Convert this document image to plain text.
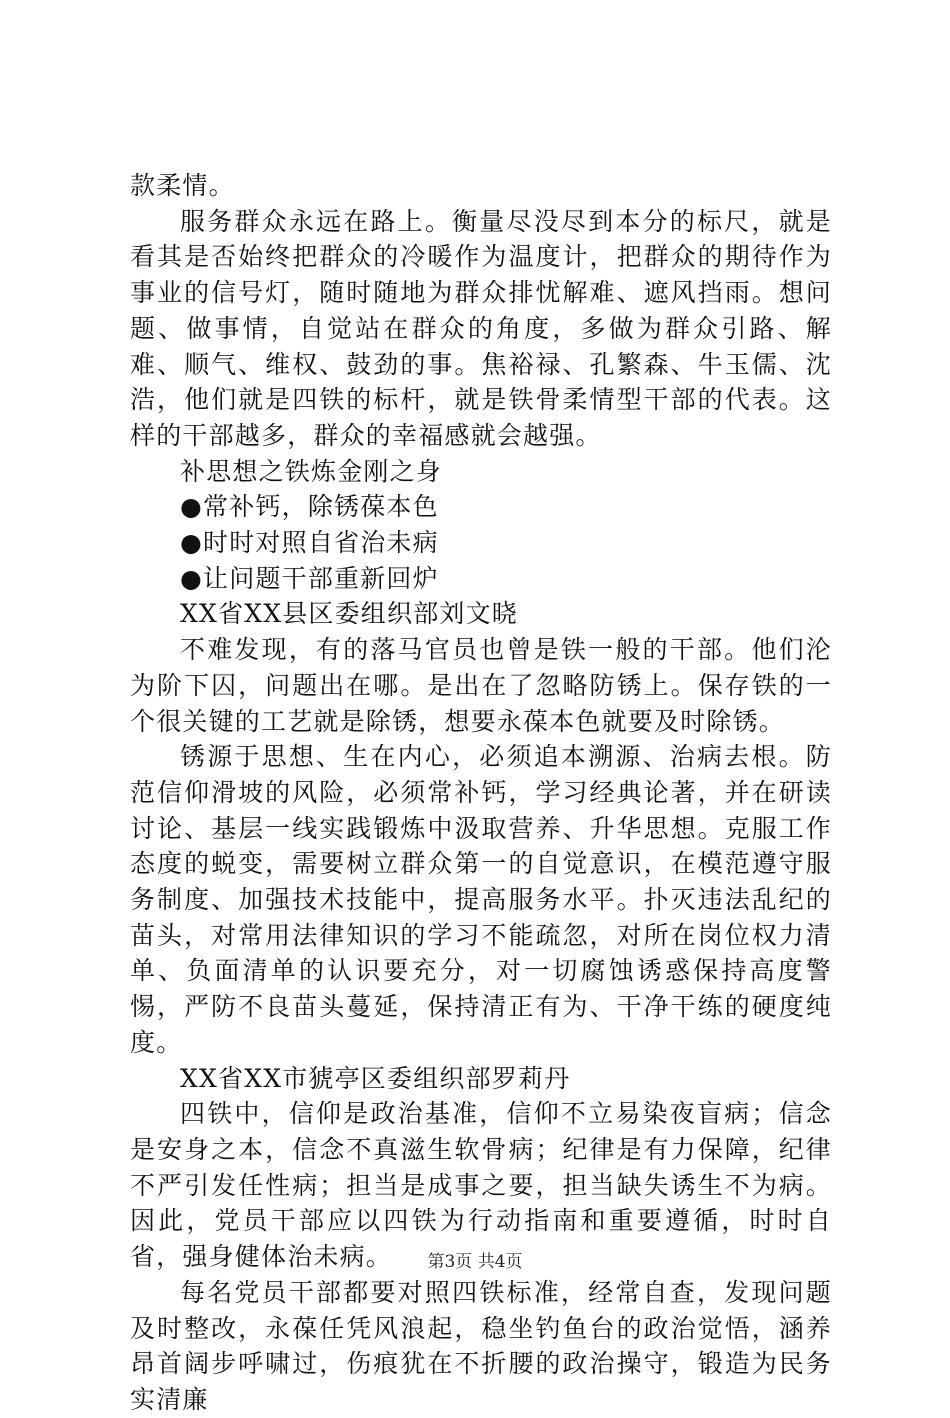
款柔情。

服务群众永远在路上。衡量尽没尽到本分的标尺，就是看其是否始终把群众的冷暖作为温度计，把群众的期待作为事业的信号灯，随时随地为群众排忧解难、遮风挡雨。想问题、做事情，自觉站在群众的角度，多做为群众引路、解难、顺气、维权、鼓劲的事。焦裕禄、孔繁森、牛玉儒、沈浩，他们就是四铁的标杆，就是铁骨柔情型干部的代表。这样的干部越多，群众的幸福感就会越强。

补思想之铁炼金刚之身

●常补钙，除锈葆本色

●时时对照自省治未病

●让问题干部重新回炉

XX省XX县区委组织部刘文晓

不难发现，有的落马官员也曾是铁一般的干部。他们沦为阶下囚，问题出在哪。是出在了忽略防锈上。保存铁的一个很关键的工艺就是除锈，想要永葆本色就要及时除锈。

锈源于思想、生在内心，必须追本溯源、治病去根。防范信仰滑坡的风险，必须常补钙，学习经典论著，并在研读讨论、基层一线实践锻炼中汲取营养、升华思想。克服工作态度的蜕变，需要树立群众第一的自觉意识，在模范遵守服务制度、加强技术技能中，提高服务水平。扑灭违法乱纪的苗头，对常用法律知识的学习不能疏忽，对所在岗位权力清单、负面清单的认识要充分，对一切腐蚀诱惑保持高度警惕，严防不良苗头蔓延，保持清正有为、干净干练的硬度纯度。

XX省XX市猇亭区委组织部罗莉丹

四铁中，信仰是政治基准，信仰不立易染夜盲病；信念是安身之本，信念不真滋生软骨病；纪律是有力保障，纪律不严引发任性病；担当是成事之要，担当缺失诱生不为病。因此，党员干部应以四铁为行动指南和重要遵循，时时自省，强身健体治未病。

每名党员干部都要对照四铁标准，经常自查，发现问题及时整改，永葆任凭风浪起，稳坐钓鱼台的政治觉悟，涵养昂首阔步呼啸过，伤痕犹在不折腰的政治操守，锻造为民务实清廉

第3页 共4页
